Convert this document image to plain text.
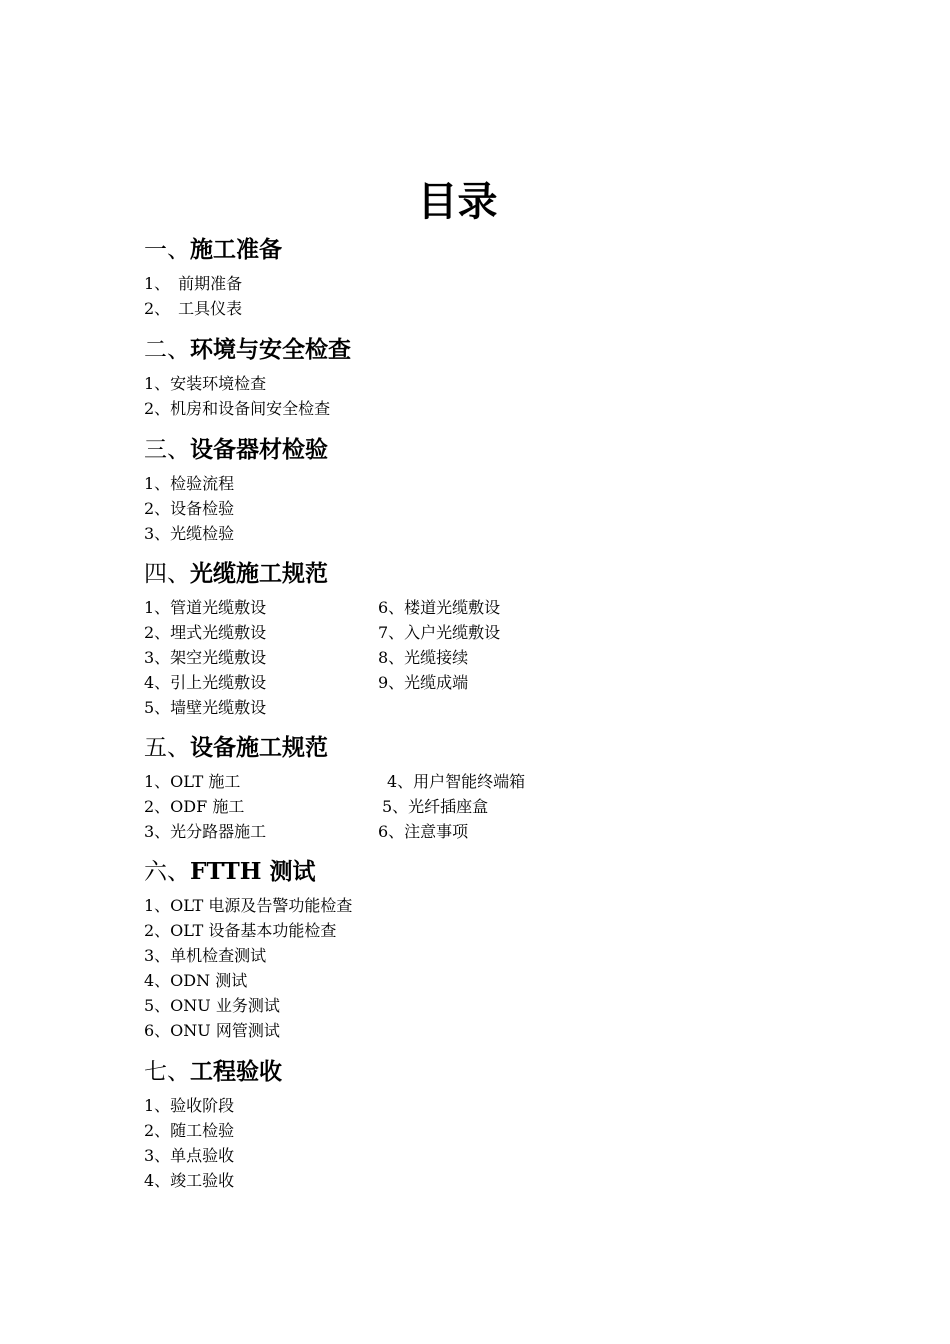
目录
一、施工准备
1、　前期准备
2、　工具仪表
二、环境与安全检查
1、安装环境检查
2、机房和设备间安全检查
三、设备器材检验
1、检验流程
2、设备检验
3、光缆检验
四、光缆施工规范
1、管道光缆敷设
2、埋式光缆敷设
3、架空光缆敷设
4、引上光缆敷设
5、墙壁光缆敷设
6、楼道光缆敷设
7、入户光缆敷设
8、光缆接续
9、光缆成端
五、设备施工规范
1、OLT 施工
2、ODF 施工
3、光分路器施工
4、用户智能终端箱
5、光纤插座盒
6、注意事项
六、FTTH 测试
1、OLT 电源及告警功能检查
2、OLT 设备基本功能检查
3、单机检查测试
4、ODN 测试
5、ONU 业务测试
6、ONU 网管测试
七、工程验收
1、验收阶段
2、随工检验
3、单点验收
4、竣工验收
